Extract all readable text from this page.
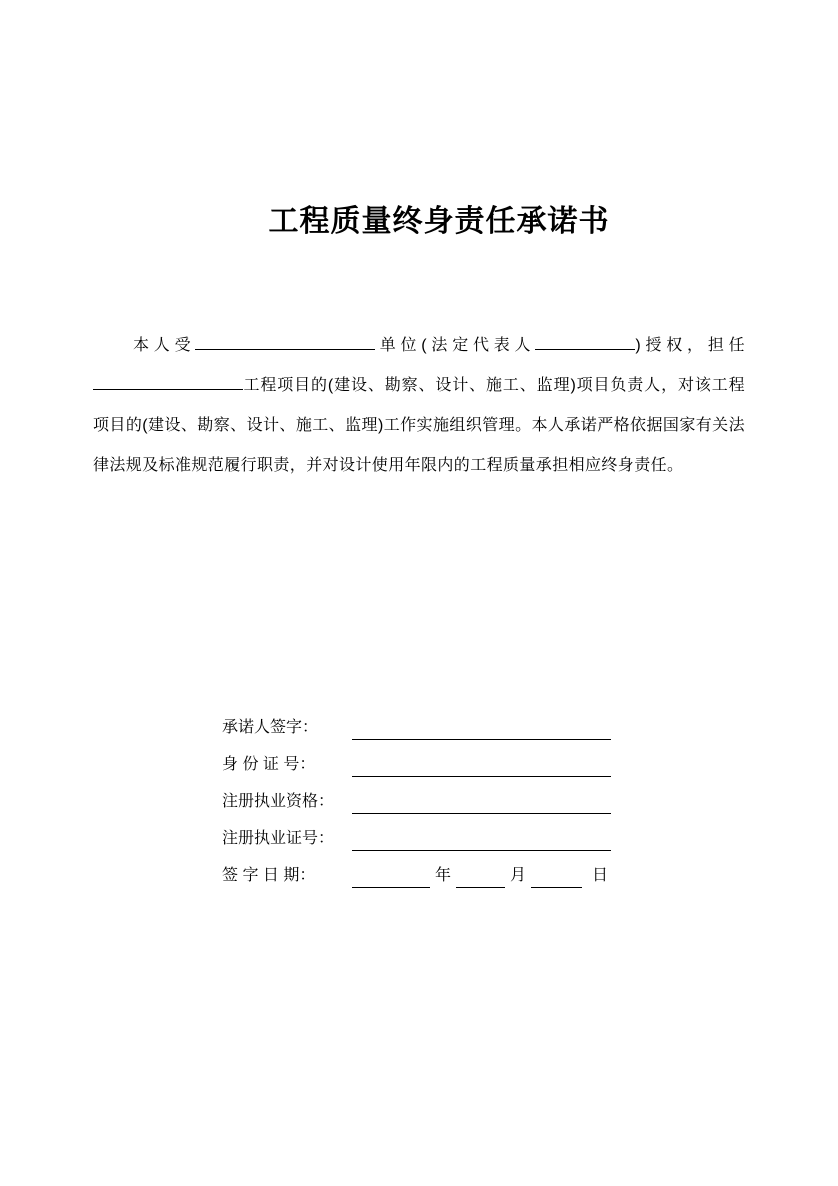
工程质量终身责任承诺书
本人受	单位(法定代表人	)授权，担任
工程项目的(建设、勘察、设计、施工、监理)项目负责人，对该工程
项目的(建设、勘察、设计、施工、监理)工作实施组织管理。本人承诺严格依据国家有关法
律法规及标准规范履行职责，并对设计使用年限内的工程质量承担相应终身责任。
承诺人签字：
身 份 证 号：
注册执业资格：
注册执业证号：
签 字 日 期：	年	月	日
